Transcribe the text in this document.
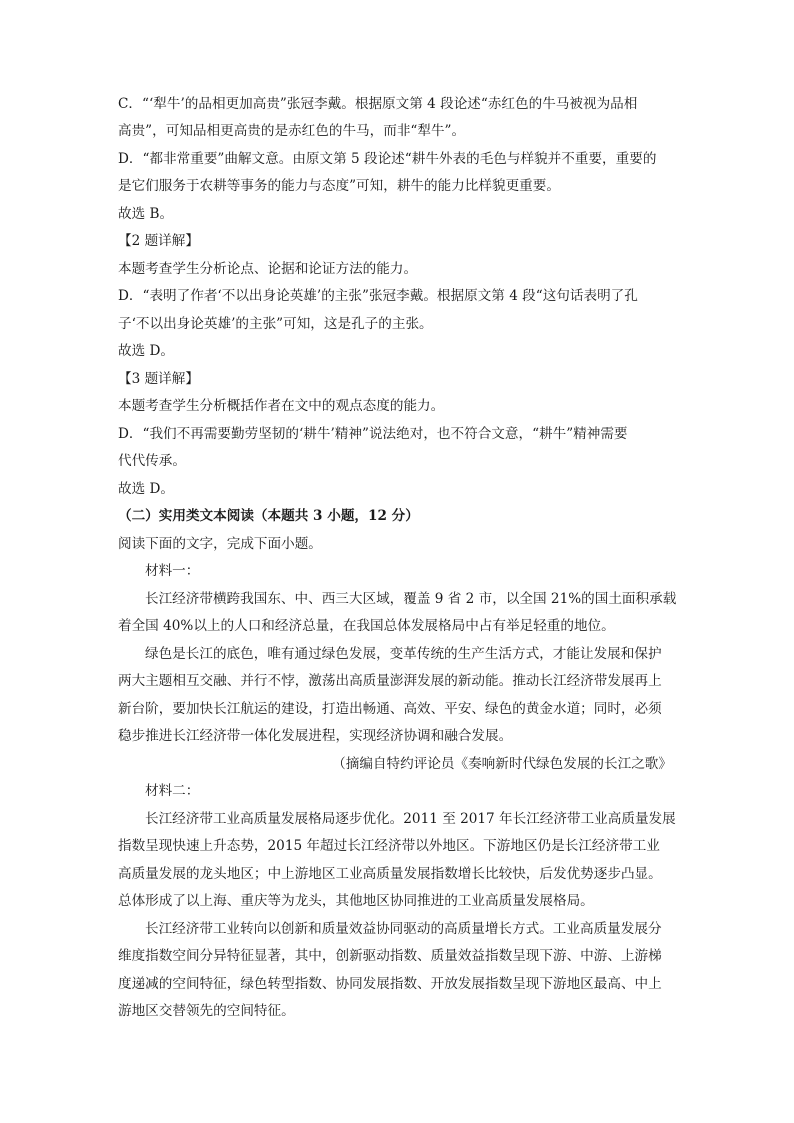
C．“‘犁牛’的品相更加高贵”张冠李戴。根据原文第 4 段论述“赤红色的牛马被视为品相
高贵”，可知品相更高贵的是赤红色的牛马，而非“犁牛”。
D．“都非常重要”曲解文意。由原文第 5 段论述“耕牛外表的毛色与样貌并不重要，重要的
是它们服务于农耕等事务的能力与态度”可知，耕牛的能力比样貌更重要。
故选 B。
【2 题详解】
本题考查学生分析论点、论据和论证方法的能力。
D．“表明了作者‘不以出身论英雄’的主张”张冠李戴。根据原文第 4 段“这句话表明了孔
子‘不以出身论英雄’的主张”可知，这是孔子的主张。
故选 D。
【3 题详解】
本题考查学生分析概括作者在文中的观点态度的能力。
D．“我们不再需要勤劳坚韧的‘耕牛’精神”说法绝对，也不符合文意，“耕牛”精神需要
代代传承。
故选 D。
（二）实用类文本阅读（本题共 3 小题，12 分）
阅读下面的文字，完成下面小题。
材料一：
长江经济带横跨我国东、中、西三大区域，覆盖 9 省 2 市，以全国 21%的国土面积承载
着全国 40%以上的人口和经济总量，在我国总体发展格局中占有举足轻重的地位。
绿色是长江的底色，唯有通过绿色发展，变革传统的生产生活方式，才能让发展和保护
两大主题相互交融、并行不悖，激荡出高质量澎湃发展的新动能。推动长江经济带发展再上
新台阶，要加快长江航运的建设，打造出畅通、高效、平安、绿色的黄金水道；同时，必须
稳步推进长江经济带一体化发展进程，实现经济协调和融合发展。
（摘编自特约评论员《奏响新时代绿色发展的长江之歌》
材料二：
长江经济带工业高质量发展格局逐步优化。2011 至 2017 年长江经济带工业高质量发展
指数呈现快速上升态势，2015 年超过长江经济带以外地区。下游地区仍是长江经济带工业
高质量发展的龙头地区；中上游地区工业高质量发展指数增长比较快，后发优势逐步凸显。
总体形成了以上海、重庆等为龙头，其他地区协同推进的工业高质量发展格局。
长江经济带工业转向以创新和质量效益协同驱动的高质量增长方式。工业高质量发展分
维度指数空间分异特征显著，其中，创新驱动指数、质量效益指数呈现下游、中游、上游梯
度递减的空间特征，绿色转型指数、协同发展指数、开放发展指数呈现下游地区最高、中上
游地区交替领先的空间特征。
